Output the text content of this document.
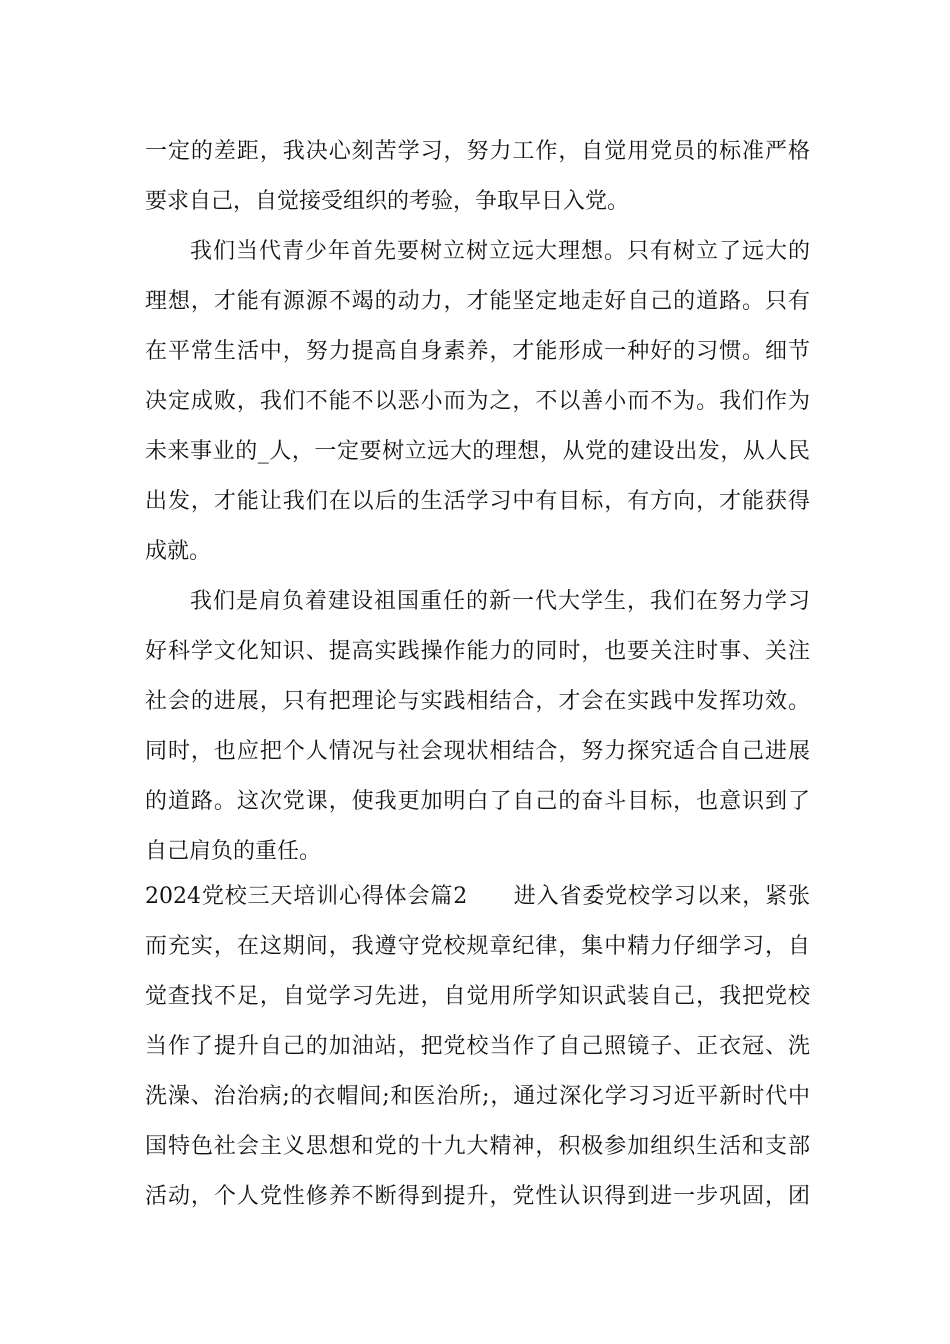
一定的差距，我决心刻苦学习，努力工作，自觉用党员的标准严格
要求自己，自觉接受组织的考验，争取早日入党。
我们当代青少年首先要树立树立远大理想。只有树立了远大的
理想，才能有源源不竭的动力，才能坚定地走好自己的道路。只有
在平常生活中，努力提高自身素养，才能形成一种好的习惯。细节
决定成败，我们不能不以恶小而为之，不以善小而不为。我们作为
未来事业的_人，一定要树立远大的理想，从党的建设出发，从人民
出发，才能让我们在以后的生活学习中有目标，有方向，才能获得
成就。
我们是肩负着建设祖国重任的新一代大学生，我们在努力学习
好科学文化知识、提高实践操作能力的同时，也要关注时事、关注
社会的进展，只有把理论与实践相结合，才会在实践中发挥功效。
同时，也应把个人情况与社会现状相结合，努力探究适合自己进展
的道路。这次党课，使我更加明白了自己的奋斗目标，也意识到了
自己肩负的重任。
2024党校三天培训心得体会篇2　　进入省委党校学习以来，紧张
而充实，在这期间，我遵守党校规章纪律，集中精力仔细学习，自
觉查找不足，自觉学习先进，自觉用所学知识武装自己，我把党校
当作了提升自己的加油站，把党校当作了自己照镜子、正衣冠、洗
洗澡、治治病;的衣帽间;和医治所;，通过深化学习习近平新时代中
国特色社会主义思想和党的十九大精神，积极参加组织生活和支部
活动，个人党性修养不断得到提升，党性认识得到进一步巩固，团
